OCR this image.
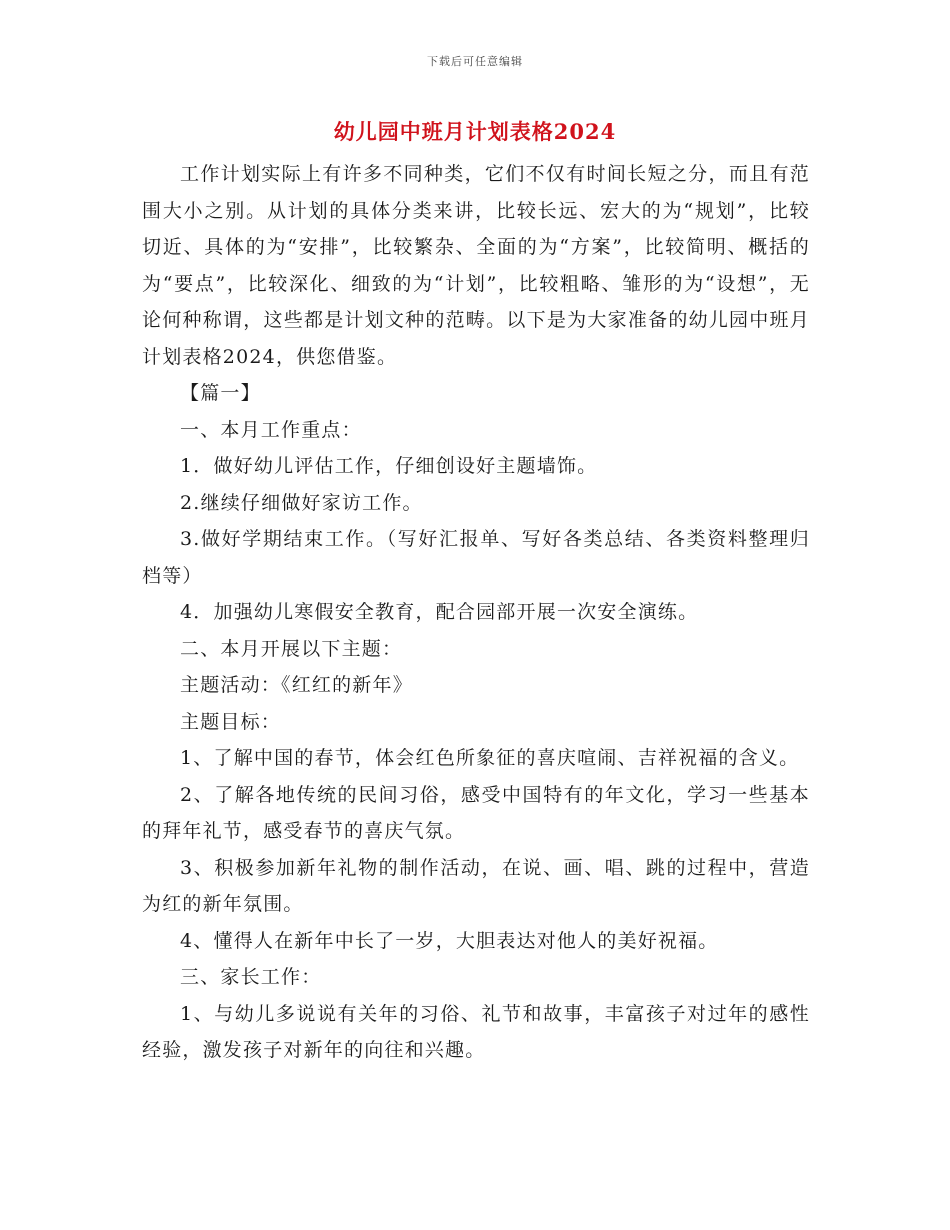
下载后可任意编辑
幼儿园中班月计划表格2024

工作计划实际上有许多不同种类，它们不仅有时间长短之分，而且有范围大小之别。从计划的具体分类来讲，比较长远、宏大的为“规划”，比较切近、具体的为“安排”，比较繁杂、全面的为“方案”，比较简明、概括的为“要点”，比较深化、细致的为“计划”，比较粗略、雏形的为“设想”，无论何种称谓，这些都是计划文种的范畴。以下是为大家准备的幼儿园中班月计划表格2024，供您借鉴。

【篇一】

一、本月工作重点：

1．做好幼儿评估工作，仔细创设好主题墙饰。

2.继续仔细做好家访工作。

3.做好学期结束工作。（写好汇报单、写好各类总结、各类资料整理归档等）

4．加强幼儿寒假安全教育，配合园部开展一次安全演练。

二、本月开展以下主题：

主题活动：《红红的新年》

主题目标：

1、了解中国的春节，体会红色所象征的喜庆喧闹、吉祥祝福的含义。

2、了解各地传统的民间习俗，感受中国特有的年文化，学习一些基本的拜年礼节，感受春节的喜庆气氛。

3、积极参加新年礼物的制作活动，在说、画、唱、跳的过程中，营造为红的新年氛围。

4、懂得人在新年中长了一岁，大胆表达对他人的美好祝福。

三、家长工作：

1、与幼儿多说说有关年的习俗、礼节和故事，丰富孩子对过年的感性经验，激发孩子对新年的向往和兴趣。
